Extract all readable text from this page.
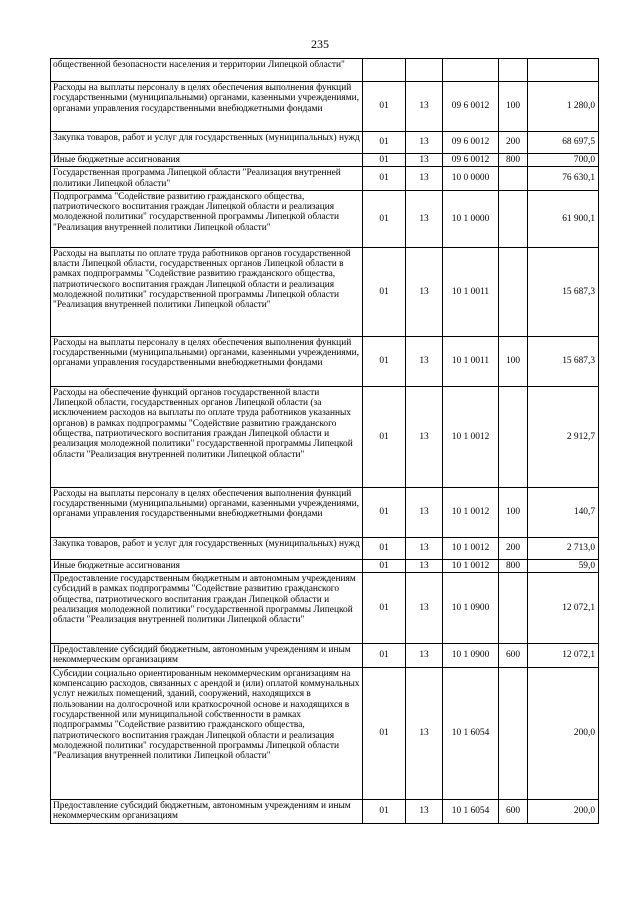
235
общественной безопасности населения и территории Липецкой области"					
Расходы на выплаты персоналу в целях обеспечения выполнения функций государственными (муниципальными) органами, казенными учреждениями, органами управления государственными внебюджетными фондами	01	13	09 6 0012	100	1 280,0
Закупка товаров, работ и услуг для государственных (муниципальных) нужд	01	13	09 6 0012	200	68 697,5
Иные бюджетные ассигнования	01	13	09 6 0012	800	700,0
Государственная программа Липецкой области "Реализация внутренней политики Липецкой области"	01	13	10 0 0000		76 630,1
Подпрограмма "Содействие развитию гражданского общества, патриотического воспитания граждан Липецкой области и реализация молодежной политики" государственной программы Липецкой области "Реализация внутренней политики Липецкой области"	01	13	10 1 0000		61 900,1
Расходы на выплаты по оплате труда работников органов государственной власти Липецкой области, государственных органов Липецкой области в рамках подпрограммы "Содействие развитию гражданского общества, патриотического воспитания граждан Липецкой области и реализация молодежной политики" государственной программы Липецкой области "Реализация внутренней политики Липецкой области"	01	13	10 1 0011		15 687,3
Расходы на выплаты персоналу в целях обеспечения выполнения функций государственными (муниципальными) органами, казенными учреждениями, органами управления государственными внебюджетными фондами	01	13	10 1 0011	100	15 687,3
Расходы на обеспечение функций органов государственной власти Липецкой области, государственных органов Липецкой области (за исключением расходов на выплаты по оплате труда работников указанных органов) в рамках подпрограммы "Содействие развитию гражданского общества, патриотического воспитания граждан Липецкой области и реализация молодежной политики" государственной программы Липецкой области "Реализация внутренней политики Липецкой области"	01	13	10 1 0012		2 912,7
Расходы на выплаты персоналу в целях обеспечения выполнения функций государственными (муниципальными) органами, казенными учреждениями, органами управления государственными внебюджетными фондами	01	13	10 1 0012	100	140,7
Закупка товаров, работ и услуг для государственных (муниципальных) нужд	01	13	10 1 0012	200	2 713,0
Иные бюджетные ассигнования	01	13	10 1 0012	800	59,0
Предоставление государственным бюджетным и автономным учреждениям субсидий в рамках подпрограммы "Содействие развитию гражданского общества, патриотического воспитания граждан Липецкой области и реализация молодежной политики" государственной программы Липецкой области "Реализация внутренней политики Липецкой области"	01	13	10 1 0900		12 072,1
Предоставление субсидий бюджетным, автономным учреждениям и иным некоммерческим организациям	01	13	10 1 0900	600	12 072,1
Субсидии социально ориентированным некоммерческим организациям на компенсацию расходов, связанных с арендой и (или) оплатой коммунальных услуг нежилых помещений, зданий, сооружений, находящихся в пользовании на долгосрочной или краткосрочной основе и находящихся в государственной или муниципальной собственности в рамках подпрограммы "Содействие развитию гражданского общества, патриотического воспитания граждан Липецкой области и реализация молодежной политики" государственной программы Липецкой области "Реализация внутренней политики Липецкой области"	01	13	10 1 6054		200,0
Предоставление субсидий бюджетным, автономным учреждениям и иным некоммерческим организациям	01	13	10 1 6054	600	200,0
